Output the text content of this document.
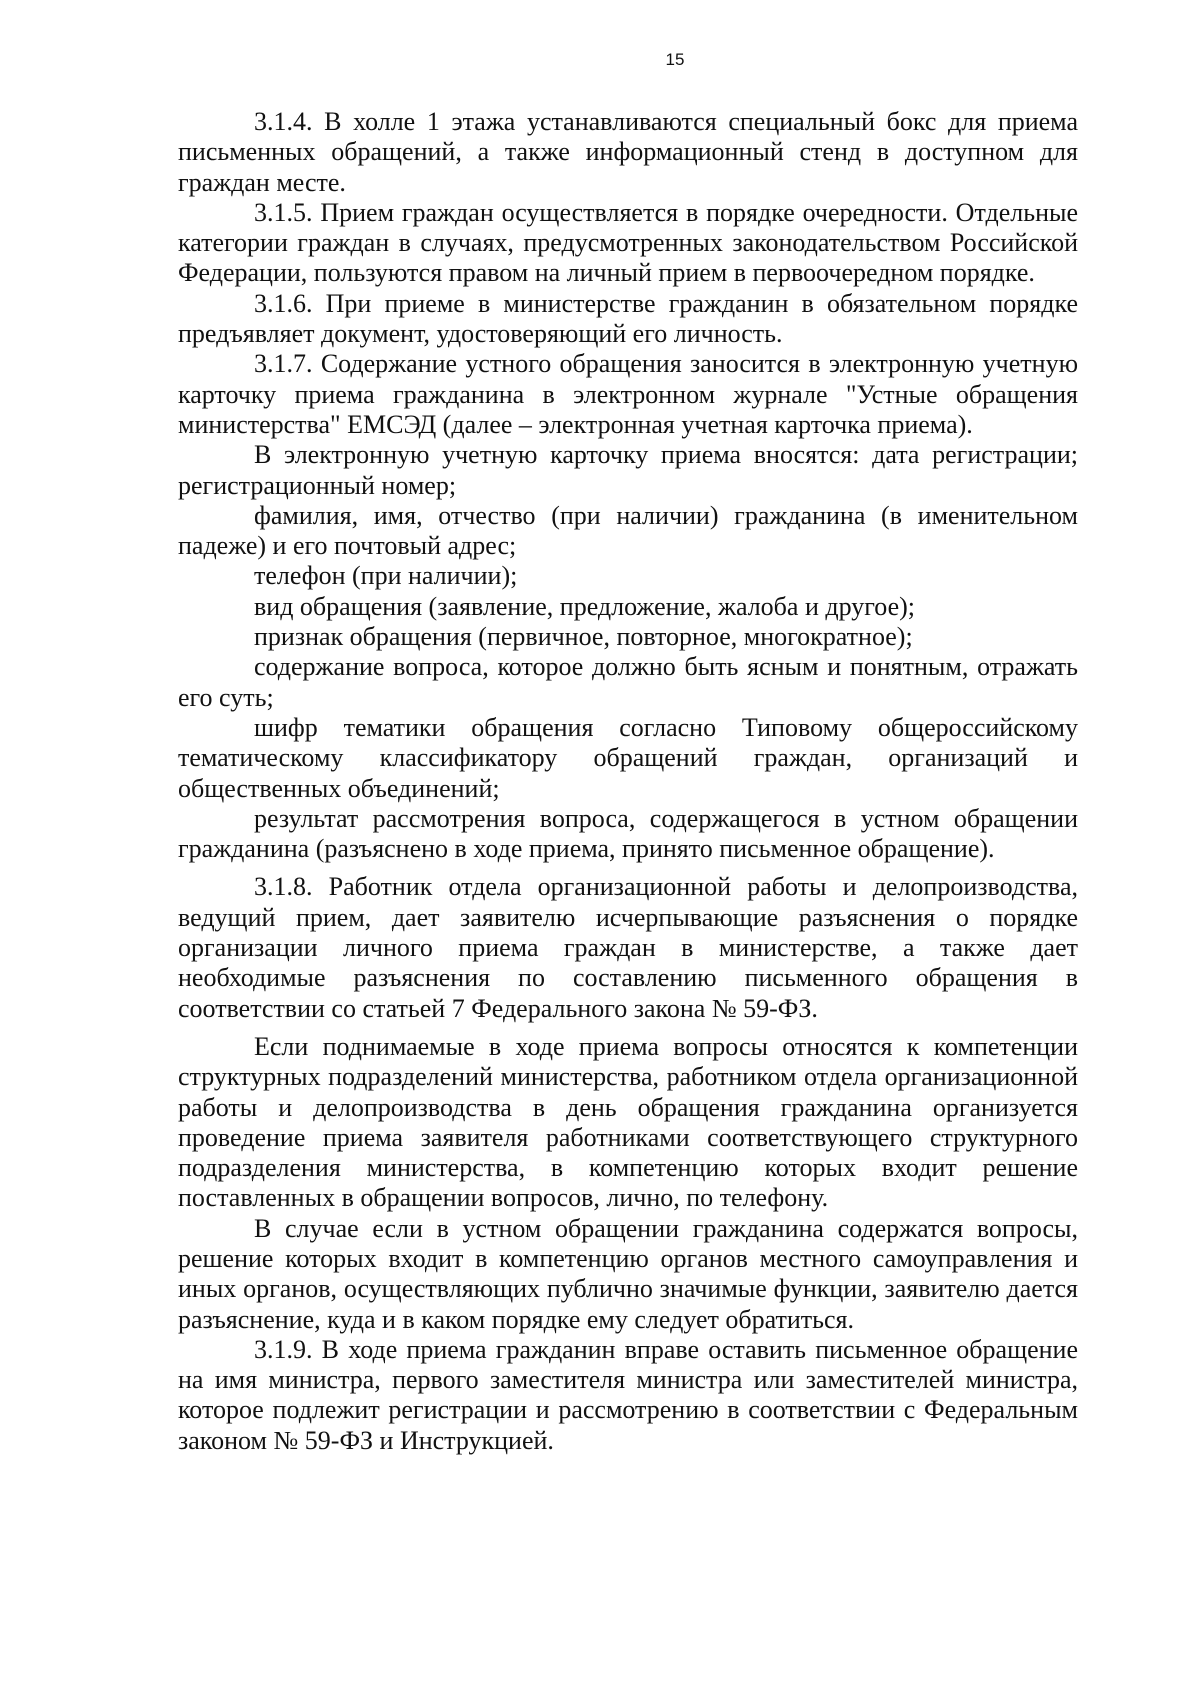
15

3.1.4. В холле 1 этажа устанавливаются специальный бокс для приема письменных обращений, а также информационный стенд в доступном для граждан месте.

3.1.5. Прием граждан осуществляется в порядке очередности. Отдельные категории граждан в случаях, предусмотренных законодательством Российской Федерации, пользуются правом на личный прием в первоочередном порядке.

3.1.6. При приеме в министерстве гражданин в обязательном порядке предъявляет документ, удостоверяющий его личность.

3.1.7. Содержание устного обращения заносится в электронную учетную карточку приема гражданина в электронном журнале "Устные обращения министерства" ЕМСЭД (далее – электронная учетная карточка приема).

В электронную учетную карточку приема вносятся: дата регистрации; регистрационный номер;

фамилия, имя, отчество (при наличии) гражданина (в именительном падеже) и его почтовый адрес;

телефон (при наличии);

вид обращения (заявление, предложение, жалоба и другое);

признак обращения (первичное, повторное, многократное);

содержание вопроса, которое должно быть ясным и понятным, отражать его суть;

шифр тематики обращения согласно Типовому общероссийскому тематическому классификатору обращений граждан, организаций и общественных объединений;

результат рассмотрения вопроса, содержащегося в устном обращении гражданина (разъяснено в ходе приема, принято письменное обращение).

3.1.8. Работник отдела организационной работы и делопроизводства, ведущий прием, дает заявителю исчерпывающие разъяснения о порядке организации личного приема граждан в министерстве, а также дает необходимые разъяснения по составлению письменного обращения в соответствии со статьей 7 Федерального закона № 59-ФЗ.

Если поднимаемые в ходе приема вопросы относятся к компетенции структурных подразделений министерства, работником отдела организационной работы и делопроизводства в день обращения гражданина организуется проведение приема заявителя работниками соответствующего структурного подразделения министерства, в компетенцию которых входит решение поставленных в обращении вопросов, лично, по телефону.

В случае если в устном обращении гражданина содержатся вопросы, решение которых входит в компетенцию органов местного самоуправления и иных органов, осуществляющих публично значимые функции, заявителю дается разъяснение, куда и в каком порядке ему следует обратиться.

3.1.9. В ходе приема гражданин вправе оставить письменное обращение на имя министра, первого заместителя министра или заместителей министра, которое подлежит регистрации и рассмотрению в соответствии с Федеральным законом № 59-ФЗ и Инструкцией.
